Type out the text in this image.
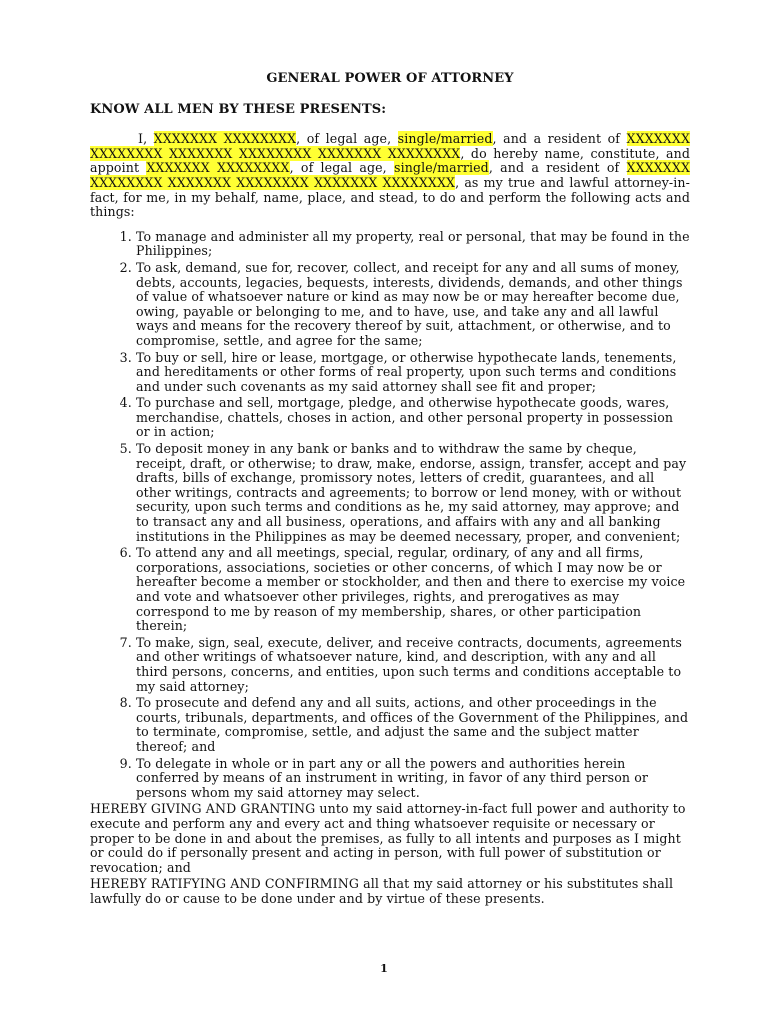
GENERAL POWER OF ATTORNEY
KNOW ALL MEN BY THESE PRESENTS:

I, XXXXXXX XXXXXXXX, of legal age, single/married, and a resident of XXXXXXX XXXXXXXX XXXXXXX XXXXXXXX XXXXXXX XXXXXXXX, do hereby name, constitute, and appoint XXXXXXX XXXXXXXX, of legal age, single/married, and a resident of XXXXXXX XXXXXXXX XXXXXXX XXXXXXXX XXXXXXX XXXXXXXX, as my true and lawful attorney-in-fact, for me, in my behalf, name, place, and stead, to do and perform the following acts and things:

1. To manage and administer all my property, real or personal, that may be found in the Philippines;
2. To ask, demand, sue for, recover, collect, and receipt for any and all sums of money, debts, accounts, legacies, bequests, interests, dividends, demands, and other things of value of whatsoever nature or kind as may now be or may hereafter become due, owing, payable or belonging to me, and to have, use, and take any and all lawful ways and means for the recovery thereof by suit, attachment, or otherwise, and to compromise, settle, and agree for the same;
3. To buy or sell, hire or lease, mortgage, or otherwise hypothecate lands, tenements, and hereditaments or other forms of real property, upon such terms and conditions and under such covenants as my said attorney shall see fit and proper;
4. To purchase and sell, mortgage, pledge, and otherwise hypothecate goods, wares, merchandise, chattels, choses in action, and other personal property in possession or in action;
5. To deposit money in any bank or banks and to withdraw the same by cheque, receipt, draft, or otherwise; to draw, make, endorse, assign, transfer, accept and pay drafts, bills of exchange, promissory notes, letters of credit, guarantees, and all other writings, contracts and agreements; to borrow or lend money, with or without security, upon such terms and conditions as he, my said attorney, may approve; and to transact any and all business, operations, and affairs with any and all banking institutions in the Philippines as may be deemed necessary, proper, and convenient;
6. To attend any and all meetings, special, regular, ordinary, of any and all firms, corporations, associations, societies or other concerns, of which I may now be or hereafter become a member or stockholder, and then and there to exercise my voice and vote and whatsoever other privileges, rights, and prerogatives as may correspond to me by reason of my membership, shares, or other participation therein;
7. To make, sign, seal, execute, deliver, and receive contracts, documents, agreements and other writings of whatsoever nature, kind, and description, with any and all third persons, concerns, and entities, upon such terms and conditions acceptable to my said attorney;
8. To prosecute and defend any and all suits, actions, and other proceedings in the courts, tribunals, departments, and offices of the Government of the Philippines, and to terminate, compromise, settle, and adjust the same and the subject matter thereof; and
9. To delegate in whole or in part any or all the powers and authorities herein conferred by means of an instrument in writing, in favor of any third person or persons whom my said attorney may select.

HEREBY GIVING AND GRANTING unto my said attorney-in-fact full power and authority to execute and perform any and every act and thing whatsoever requisite or necessary or proper to be done in and about the premises, as fully to all intents and purposes as I might or could do if personally present and acting in person, with full power of substitution or revocation; and

HEREBY RATIFYING AND CONFIRMING all that my said attorney or his substitutes shall lawfully do or cause to be done under and by virtue of these presents.

1
